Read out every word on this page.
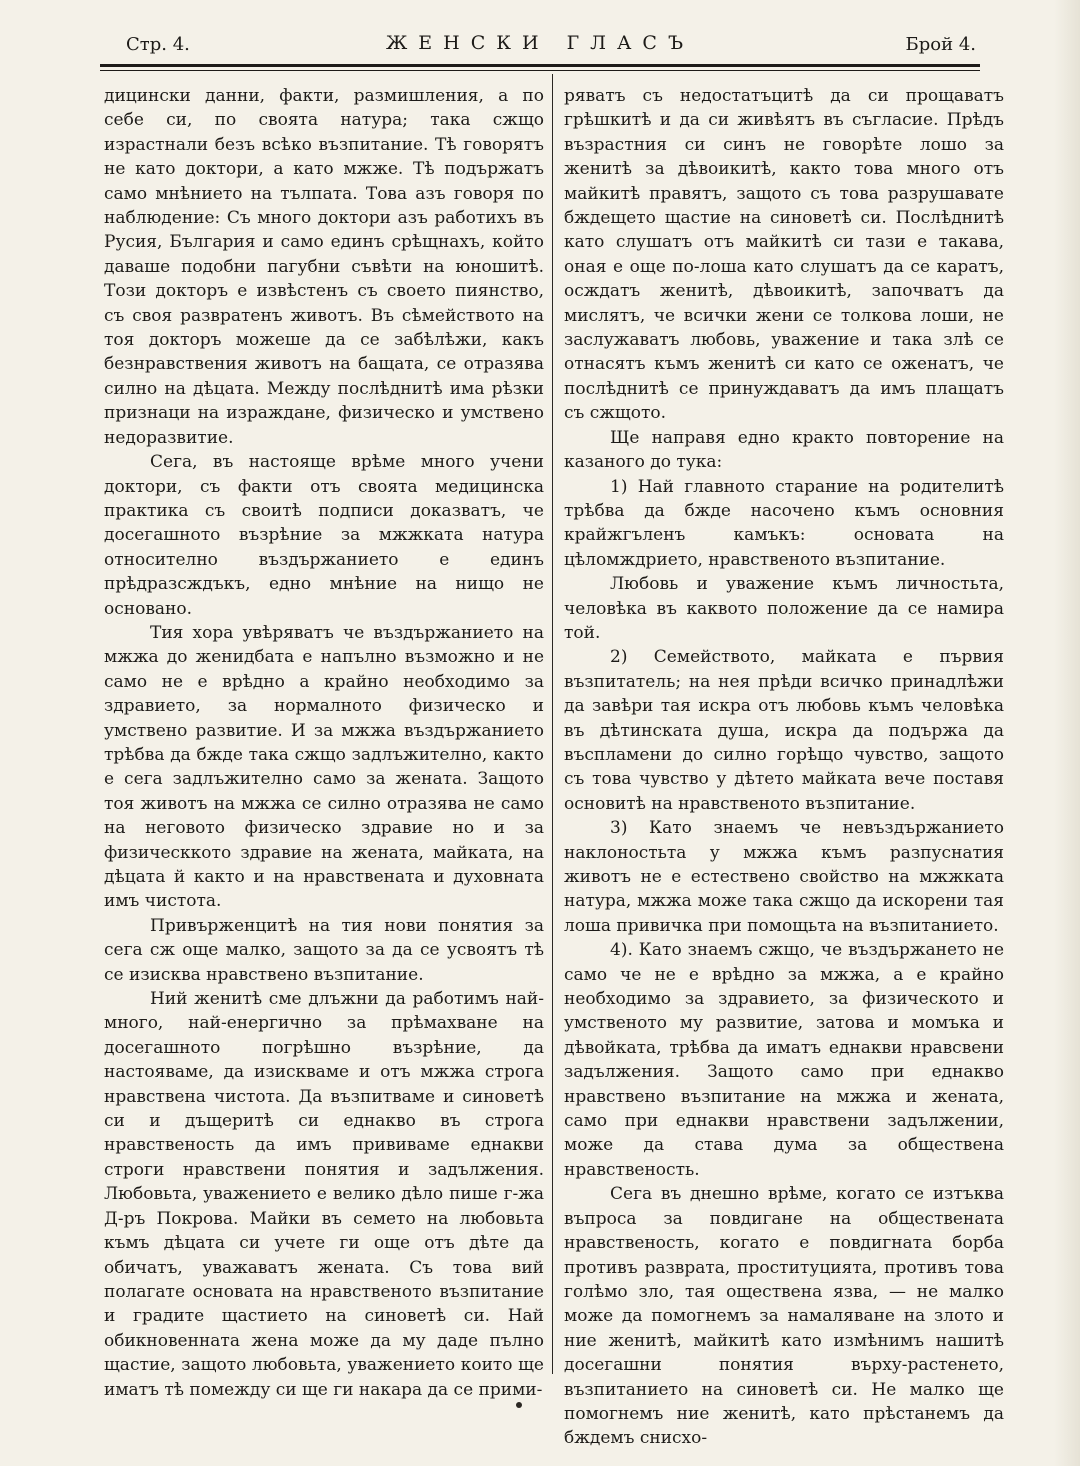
Стр. 4.	ЖЕНСКИ ГЛАСЪ	Брой 4.

дицински данни, факти, размишления, а по себе си, по своята натура; така сжщо израстнали безъ всѣко възпитание. Тѣ говорятъ не като доктори, а като мжже. Тѣ подържатъ само мнѣнието на тълпата. Това азъ говоря по наблюдение: Съ много доктори азъ работихъ въ Русия, България и само единъ срѣщнахъ, който даваше подобни пагубни съвѣти на юношитѣ. Този докторъ е извѣстенъ съ своето пиянство, съ своя развратенъ животъ. Въ сѣмейството на тоя докторъ можеше да се забѣлѣжи, какъ безнравствения животъ на бащата, се отразява силно на дѣцата. Между послѣднитѣ има рѣзки признаци на израждане, физическо и умствено недоразвитие.

Сега, въ настояще врѣме много учени доктори, съ факти отъ своята медицинска практика съ своитѣ подписи доказватъ, че досегашното възрѣние за мжжката натура относително въздържанието е единъ прѣдразсждъкъ, едно мнѣние на нищо не основано.

Тия хора увѣряватъ че въздържанието на мжжа до женидбата е напълно възможно и не само не е врѣдно а крайно необходимо за здравието, за нормалното физическо и умствено развитие. И за мжжа въздържанието трѣбва да бжде така сжщо задлъжително, както е сега задлъжително само за жената. Защото тоя животъ на мжжа се силно отразява не само на неговото физическо здравие но и за физическкото здравие на жената, майката, на дѣцата й както и на нравствената и духовната имъ чистота.

Привърженцитѣ на тия нови понятия за сега сж още малко, защото за да се усвоятъ тѣ се изисква нравствено възпитание.

Ний женитѣ сме длъжни да работимъ най-много, най-енергично за прѣмахване на досегашното погрѣшно възрѣние, да настояваме, да изискваме и отъ мжжа строга нравствена чистота. Да възпитваме и синоветѣ си и дъщеритѣ си еднакво въ строга нравственость да имъ прививаме еднакви строги нравствени понятия и задължения. Любовьта, уважението е велико дѣло пише г-жа Д-ръ Покрова. Майки въ семето на любовьта къмъ дѣцата си учете ги още отъ дѣте да обичатъ, уважаватъ жената. Съ това вий полагате основата на нравственото възпитание и градите щастието на синоветѣ си. Най обикновенната жена може да му даде пълно щастие, защото любовьта, уважението които ще иматъ тѣ помежду си ще ги накара да се прими-

ряватъ съ недостатъцитѣ да си прощаватъ грѣшкитѣ и да си живѣятъ въ съгласие. Прѣдъ възрастния си синъ не говорѣте лошо за женитѣ за дѣвоикитѣ, както това много отъ майкитѣ правятъ, защото съ това разрушавате бждещето щастие на синоветѣ си. Послѣднитѣ като слушатъ отъ майкитѣ си тази е такава, оная е още по-лоша като слушатъ да се каратъ, осждатъ женитѣ, дѣвоикитѣ, започватъ да мислятъ, че всички жени се толкова лоши, не заслужаватъ любовь, уважение и така злѣ се отнасятъ къмъ женитѣ си като се оженатъ, че послѣднитѣ се принуждаватъ да имъ плащатъ съ сжщото.

Ще направя едно кракто повторение на казаного до тука:

1) Най главното старание на родителитѣ трѣбва да бжде насочено къмъ основния крайжгъленъ камъкъ: основата на цѣломждрието, нравственото възпитание.

Любовь и уважение къмъ личностьта, человѣка въ каквото положение да се намира той.

2) Семейството, майката е първия възпитатель; на нея прѣди всичко принадлѣжи да завѣри тая искра отъ любовь къмъ человѣка въ дѣтинската душа, искра да подържа да въспламени до силно горѣщо чувство, защото съ това чувство у дѣтето майката вече поставя основитѣ на нравственото възпитание.

3) Като знаемъ че невъздържанието наклоностьта у мжжа къмъ разпуснатия животъ не е естествено свойство на мжжката натура, мжжа може така сжщо да искорени тая лоша привичка при помощьта на възпитанието.

4). Като знаемъ сжщо, че въздържането не само че не е врѣдно за мжжа, а е крайно необходимо за здравието, за физическото и умственото му развитие, затова и момъка и дѣвойката, трѣбва да иматъ еднакви нравсвени задължения. Защото само при еднакво нравствено възпитание на мжжа и жената, само при еднакви нравствени задължении, може да става дума за обществена нравственость.

Сега въ днешно врѣме, когато се изтъква въпроса за повдигане на обществената нравственость, когато е повдигната борба противъ разврата, проституцията, противъ това голѣмо зло, тая оществена язва, — не малко може да помогнемъ за намаляване на злото и ние женитѣ, майкитѣ като измѣнимъ нашитѣ досегашни понятия върху-растенето, възпитанието на синоветѣ си. Не малко ще помогнемъ ние женитѣ, като прѣстанемъ да бждемъ снисхо-
